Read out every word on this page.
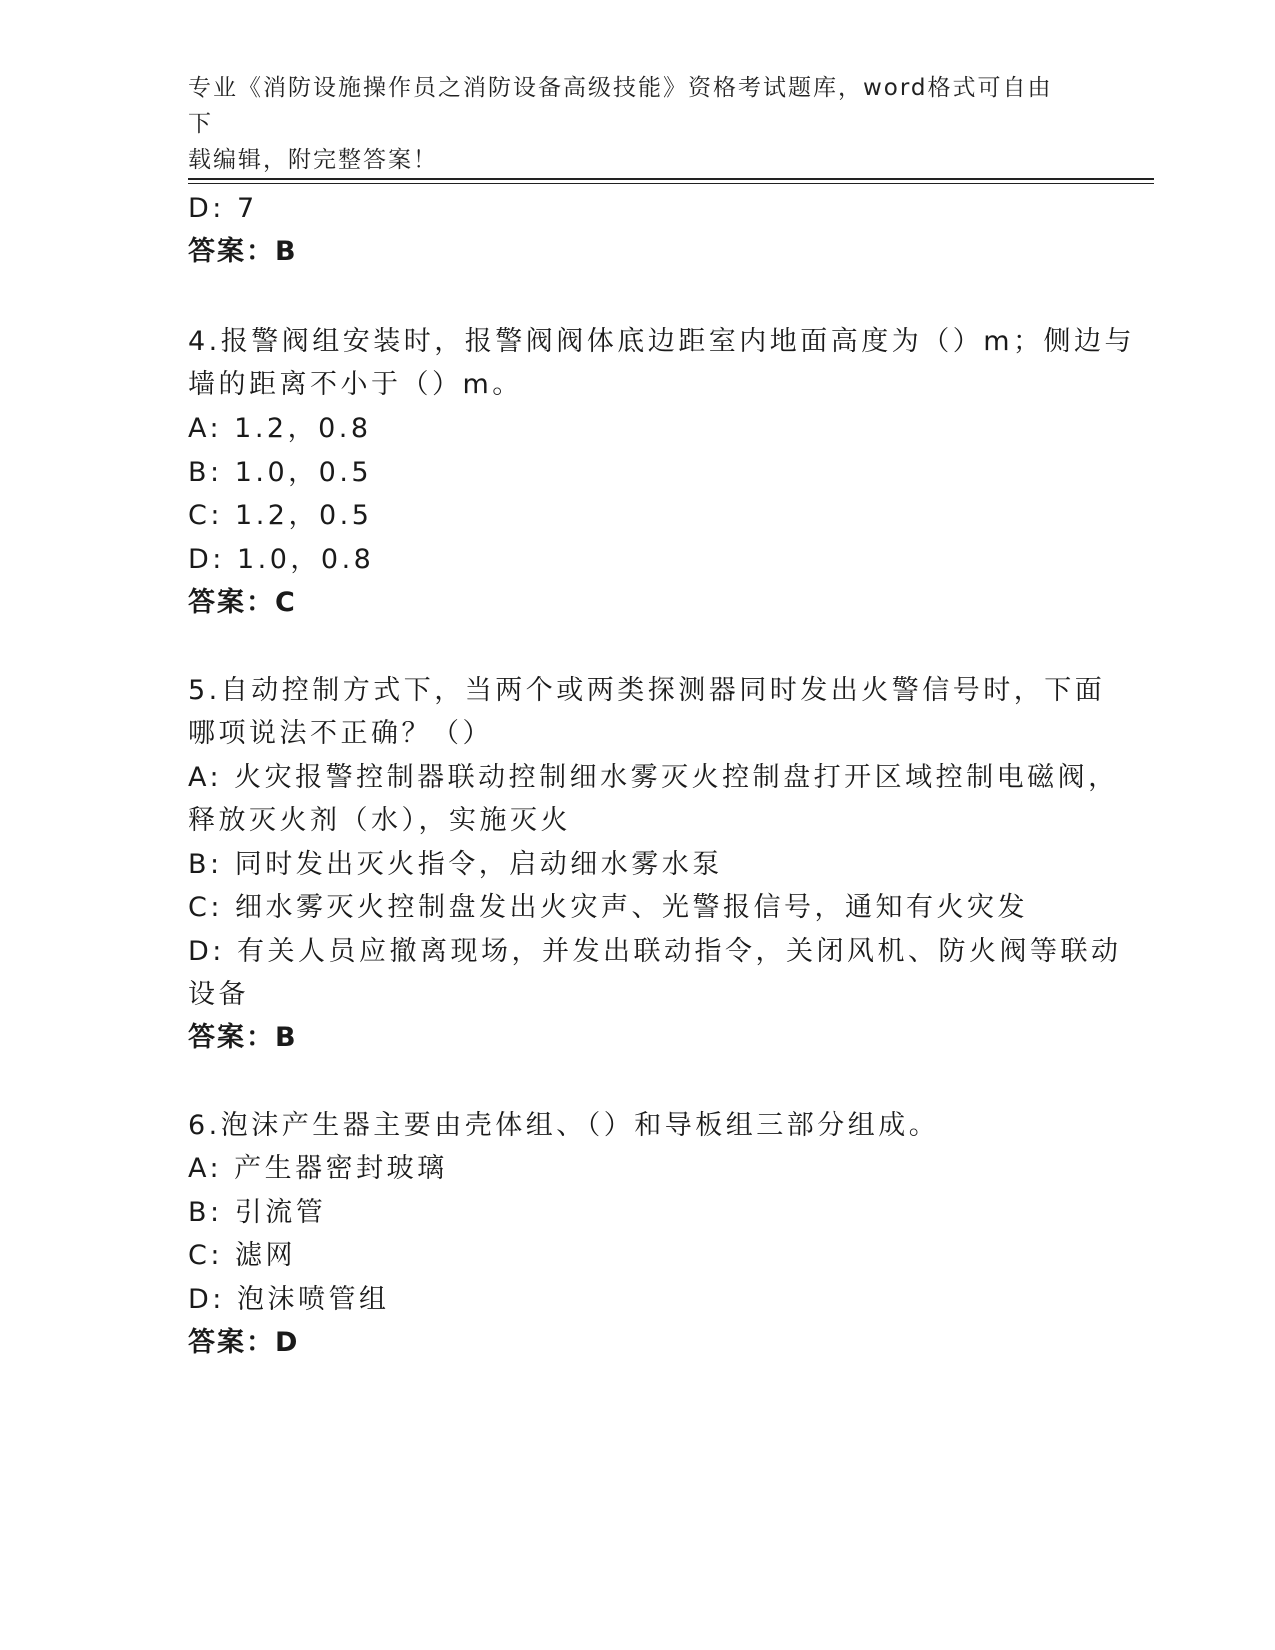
专业《消防设施操作员之消防设备高级技能》资格考试题库，word格式可自由下
载编辑，附完整答案！
D: 7
答案：B
4.报警阀组安装时，报警阀阀体底边距室内地面高度为（）m；侧边与
墙的距离不小于（）m。
A: 1.2，0.8
B: 1.0，0.5
C: 1.2，0.5
D: 1.0，0.8
答案：C
5.自动控制方式下，当两个或两类探测器同时发出火警信号时，下面
哪项说法不正确？（）
A: 火灾报警控制器联动控制细水雾灭火控制盘打开区域控制电磁阀，
释放灭火剂（水），实施灭火
B: 同时发出灭火指令，启动细水雾水泵
C: 细水雾灭火控制盘发出火灾声、光警报信号，通知有火灾发
D: 有关人员应撤离现场，并发出联动指令，关闭风机、防火阀等联动
设备
答案：B
6.泡沫产生器主要由壳体组、（）和导板组三部分组成。
A: 产生器密封玻璃
B: 引流管
C: 滤网
D: 泡沫喷管组
答案：D
